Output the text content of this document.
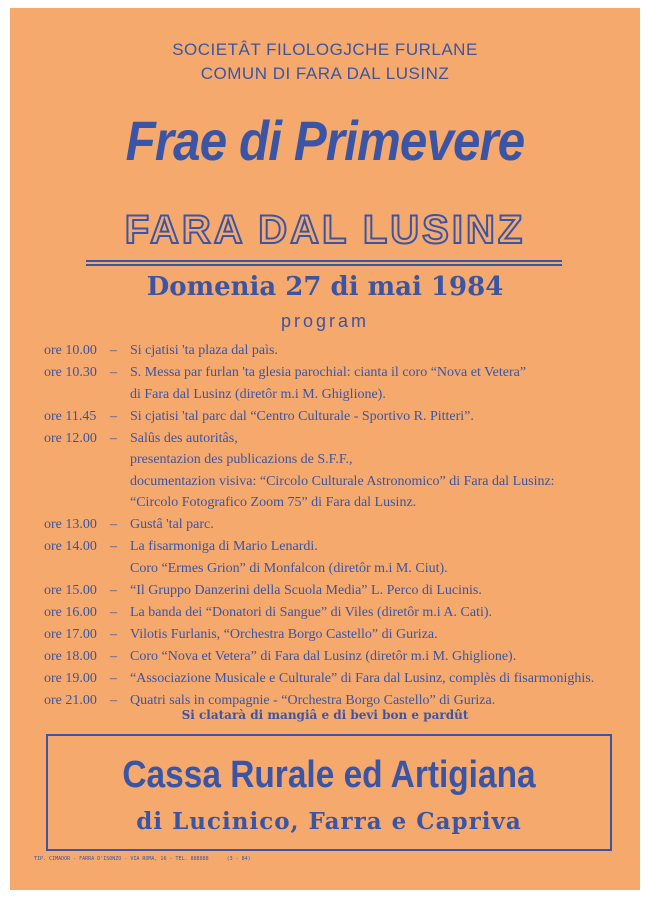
SOCIETÂT FILOLOGJCHE FURLANE
COMUN DI FARA DAL LUSINZ
Frae di Primevere
FARA DAL LUSINZ
Domenia 27 di mai 1984
program
ore 10.00 – Si cjatisi 'ta plaza dal paìs.
ore 10.30 – S. Messa par furlan 'ta glesia parochial: cianta il coro “Nova et Vetera”
di Fara dal Lusinz (diretôr m.i M. Ghiglione).
ore 11.45 – Si cjatisi 'tal parc dal “Centro Culturale - Sportivo R. Pitteri”.
ore 12.00 – Salûs des autoritâs,
presentazion des publicazions de S.F.F.,
documentazion visiva: “Circolo Culturale Astronomico” di Fara dal Lusinz:
“Circolo Fotografico Zoom 75” di Fara dal Lusinz.
ore 13.00 – Gustâ 'tal parc.
ore 14.00 – La fisarmoniga di Mario Lenardi.
Coro “Ermes Grion” di Monfalcon (diretôr m.i M. Ciut).
ore 15.00 – “Il Gruppo Danzerini della Scuola Media” L. Perco di Lucinis.
ore 16.00 – La banda dei “Donatori di Sangue” di Viles (diretôr m.i A. Cati).
ore 17.00 – Vilotis Furlanis, “Orchestra Borgo Castello” di Guriza.
ore 18.00 – Coro “Nova et Vetera” di Fara dal Lusinz (diretôr m.i M. Ghiglione).
ore 19.00 – “Associazione Musicale e Culturale” di Fara dal Lusinz, complès di fisarmonighis.
ore 21.00 – Quatri sals in compagnie - “Orchestra Borgo Castello” di Guriza.
Si clatarà di mangiâ e di bevi bon e pardût
Cassa Rurale ed Artigiana
di Lucinico, Farra e Capriva
TIP. CIMADOR - FARRA D'ISONZO - VIA ROMA, 16 - TEL. 888888	(3 - 84)
